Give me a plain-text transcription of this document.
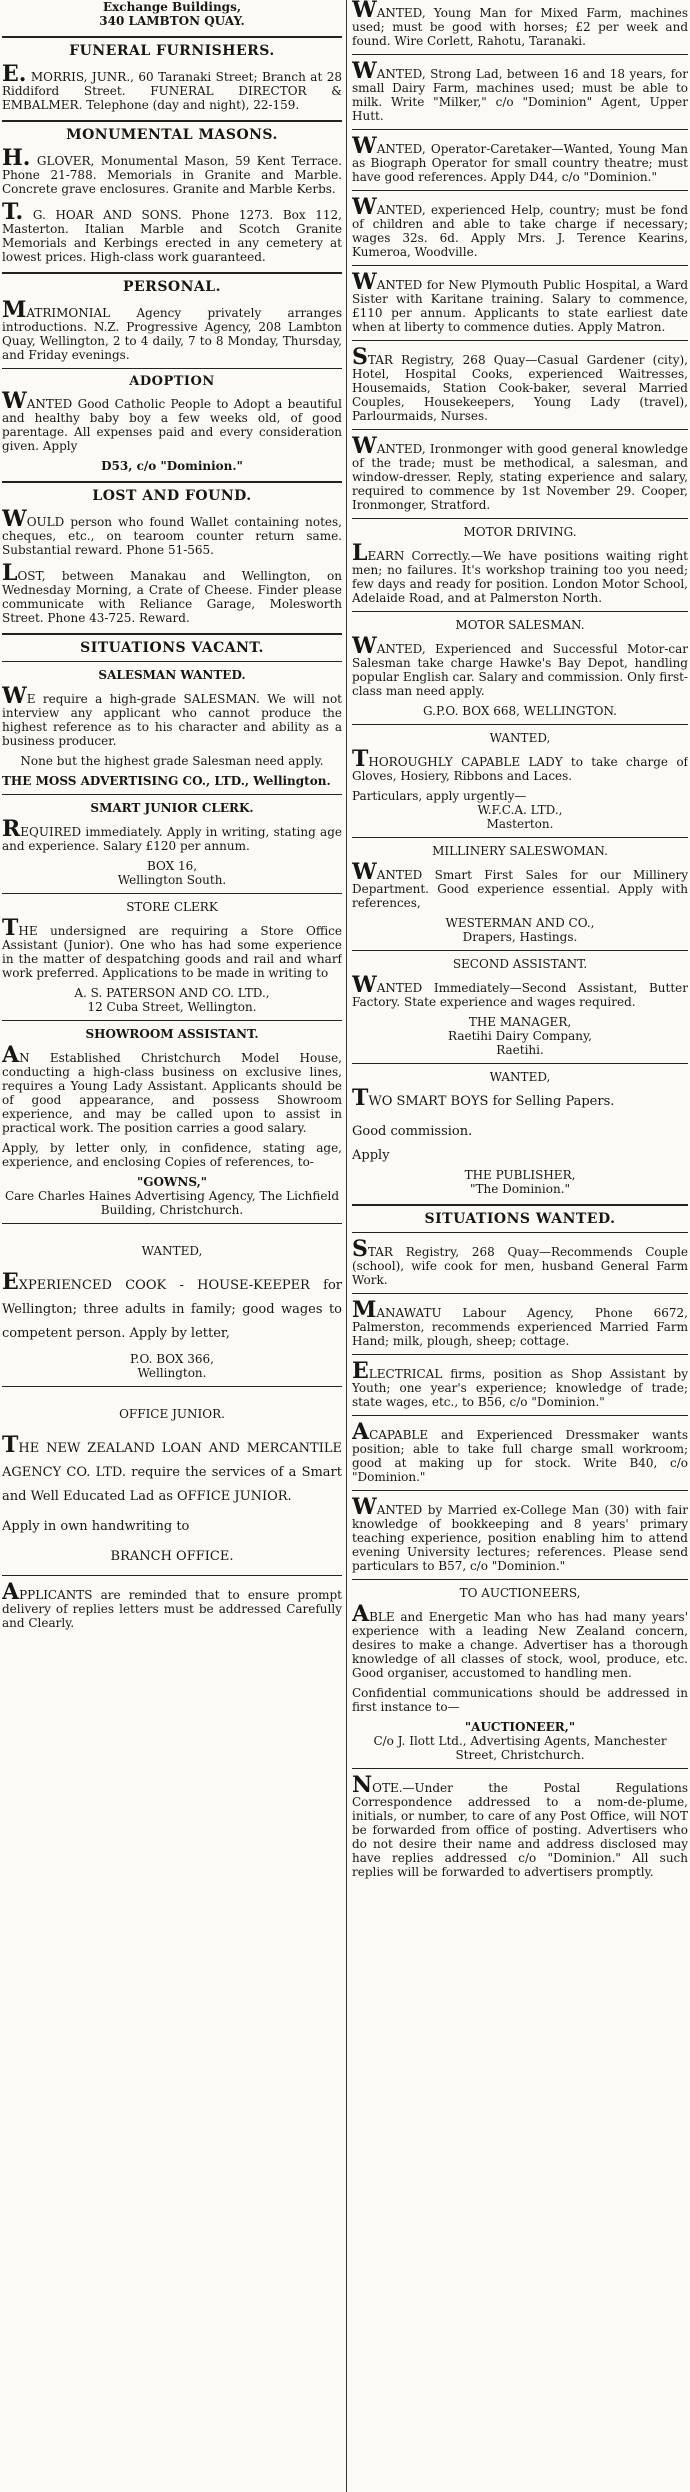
Exchange Buildings,
340 LAMBTON QUAY.
FUNERAL FURNISHERS.

E. MORRIS, JUNR., 60 Taranaki Street; Branch at 28 Riddiford Street. FUNERAL DIRECTOR & EMBALMER. Telephone (day and night), 22-159.

MONUMENTAL MASONS.

H. GLOVER, Monumental Mason, 59 Kent Terrace. Phone 21-788. Memorials in Granite and Marble. Concrete grave enclosures. Granite and Marble Kerbs.

T. G. HOAR AND SONS. Phone 1273. Box 112, Masterton. Italian Marble and Scotch Granite Memorials and Kerbings erected in any cemetery at lowest prices. High-class work guaranteed.

PERSONAL.

MATRIMONIAL Agency privately arranges introductions. N.Z. Progressive Agency, 208 Lambton Quay, Wellington, 2 to 4 daily, 7 to 8 Monday, Thursday, and Friday evenings.

ADOPTION

WANTED Good Catholic People to Adopt a beautiful and healthy baby boy a few weeks old, of good parentage. All expenses paid and every consideration given. Apply

D53, c/o "Dominion."
LOST AND FOUND.

WOULD person who found Wallet containing notes, cheques, etc., on tearoom counter return same. Substantial reward. Phone 51-565.

LOST, between Manakau and Wellington, on Wednesday Morning, a Crate of Cheese. Finder please communicate with Reliance Garage, Molesworth Street. Phone 43-725. Reward.

SITUATIONS VACANT.
SALESMAN WANTED.

WE require a high-grade SALESMAN. We will not interview any applicant who cannot produce the highest reference as to his character and ability as a business producer.

None but the highest grade Salesman need apply.

THE MOSS ADVERTISING CO., LTD., Wellington.
SMART JUNIOR CLERK.

REQUIRED immediately. Apply in writing, stating age and experience. Salary £120 per annum.

BOX 16,
Wellington South.
STORE CLERK

THE undersigned are requiring a Store Office Assistant (Junior). One who has had some experience in the matter of despatching goods and rail and wharf work preferred. Applications to be made in writing to

A. S. PATERSON AND CO. LTD.,
12 Cuba Street, Wellington.
SHOWROOM ASSISTANT.

AN Established Christchurch Model House, conducting a high-class business on exclusive lines, requires a Young Lady Assistant. Applicants should be of good appearance, and possess Showroom experience, and may be called upon to assist in practical work. The position carries a good salary.

Apply, by letter only, in confidence, stating age, experience, and enclosing Copies of references, to-

"GOWNS,"
Care Charles Haines Advertising Agency, The Lichfield Building, Christchurch.
WANTED,

EXPERIENCED COOK - HOUSE-KEEPER for Wellington; three adults in family; good wages to competent person. Apply by letter,

P.O. BOX 366,
Wellington.
OFFICE JUNIOR.

THE NEW ZEALAND LOAN AND MERCANTILE AGENCY CO. LTD. require the services of a Smart and Well Educated Lad as OFFICE JUNIOR.

Apply in own handwriting to

BRANCH OFFICE.

APPLICANTS are reminded that to ensure prompt delivery of replies letters must be addressed Carefully and Clearly.

WANTED, Young Man for Mixed Farm, machines used; must be good with horses; £2 per week and found. Wire Corlett, Rahotu, Taranaki.

WANTED, Strong Lad, between 16 and 18 years, for small Dairy Farm, machines used; must be able to milk. Write "Milker," c/o "Dominion" Agent, Upper Hutt.

WANTED, Operator-Caretaker—Wanted, Young Man as Biograph Operator for small country theatre; must have good references. Apply D44, c/o "Dominion."

WANTED, experienced Help, country; must be fond of children and able to take charge if necessary; wages 32s. 6d. Apply Mrs. J. Terence Kearins, Kumeroa, Woodville.

WANTED for New Plymouth Public Hospital, a Ward Sister with Karitane training. Salary to commence, £110 per annum. Applicants to state earliest date when at liberty to commence duties. Apply Matron.

STAR Registry, 268 Quay—Casual Gardener (city), Hotel, Hospital Cooks, experienced Waitresses, Housemaids, Station Cook-baker, several Married Couples, Housekeepers, Young Lady (travel), Parlourmaids, Nurses.

WANTED, Ironmonger with good general knowledge of the trade; must be methodical, a salesman, and window-dresser. Reply, stating experience and salary, required to commence by 1st November 29. Cooper, Ironmonger, Stratford.

MOTOR DRIVING.

LEARN Correctly.—We have positions waiting right men; no failures. It's workshop training too you need; few days and ready for position. London Motor School, Adelaide Road, and at Palmerston North.

MOTOR SALESMAN.

WANTED, Experienced and Successful Motor-car Salesman take charge Hawke's Bay Depot, handling popular English car. Salary and commission. Only first-class man need apply.

G.P.O. BOX 668, WELLINGTON.
WANTED,

THOROUGHLY CAPABLE LADY to take charge of Gloves, Hosiery, Ribbons and Laces.

Particulars, apply urgently—
W.F.C.A. LTD.,
Masterton.
MILLINERY SALESWOMAN.

WANTED Smart First Sales for our Millinery Department. Good experience essential. Apply with references,

WESTERMAN AND CO.,
Drapers, Hastings.
SECOND ASSISTANT.

WANTED Immediately—Second Assistant, Butter Factory. State experience and wages required.

THE MANAGER,
Raetihi Dairy Company,
Raetihi.
WANTED,

TWO SMART BOYS for Selling Papers.

Good commission.
Apply
THE PUBLISHER,
"The Dominion."
SITUATIONS WANTED.

STAR Registry, 268 Quay—Recommends Couple (school), wife cook for men, husband General Farm Work.

MANAWATU Labour Agency, Phone 6672, Palmerston, recommends experienced Married Farm Hand; milk, plough, sheep; cottage.

ELECTRICAL firms, position as Shop Assistant by Youth; one year's experience; knowledge of trade; state wages, etc., to B56, c/o "Dominion."

ACAPABLE and Experienced Dressmaker wants position; able to take full charge small workroom; good at making up for stock. Write B40, c/o "Dominion."

WANTED by Married ex-College Man (30) with fair knowledge of bookkeeping and 8 years' primary teaching experience, position enabling him to attend evening University lectures; references. Please send particulars to B57, c/o "Dominion."

TO AUCTIONEERS,

ABLE and Energetic Man who has had many years' experience with a leading New Zealand concern, desires to make a change. Advertiser has a thorough knowledge of all classes of stock, wool, produce, etc. Good organiser, accustomed to handling men.

Confidential communications should be addressed in first instance to—

"AUCTIONEER,"
C/o J. Ilott Ltd., Advertising Agents, Manchester Street, Christchurch.

NOTE.—Under the Postal Regulations Correspondence addressed to a nom-de-plume, initials, or number, to care of any Post Office, will NOT be forwarded from office of posting. Advertisers who do not desire their name and address disclosed may have replies addressed c/o "Dominion." All such replies will be forwarded to advertisers promptly.
